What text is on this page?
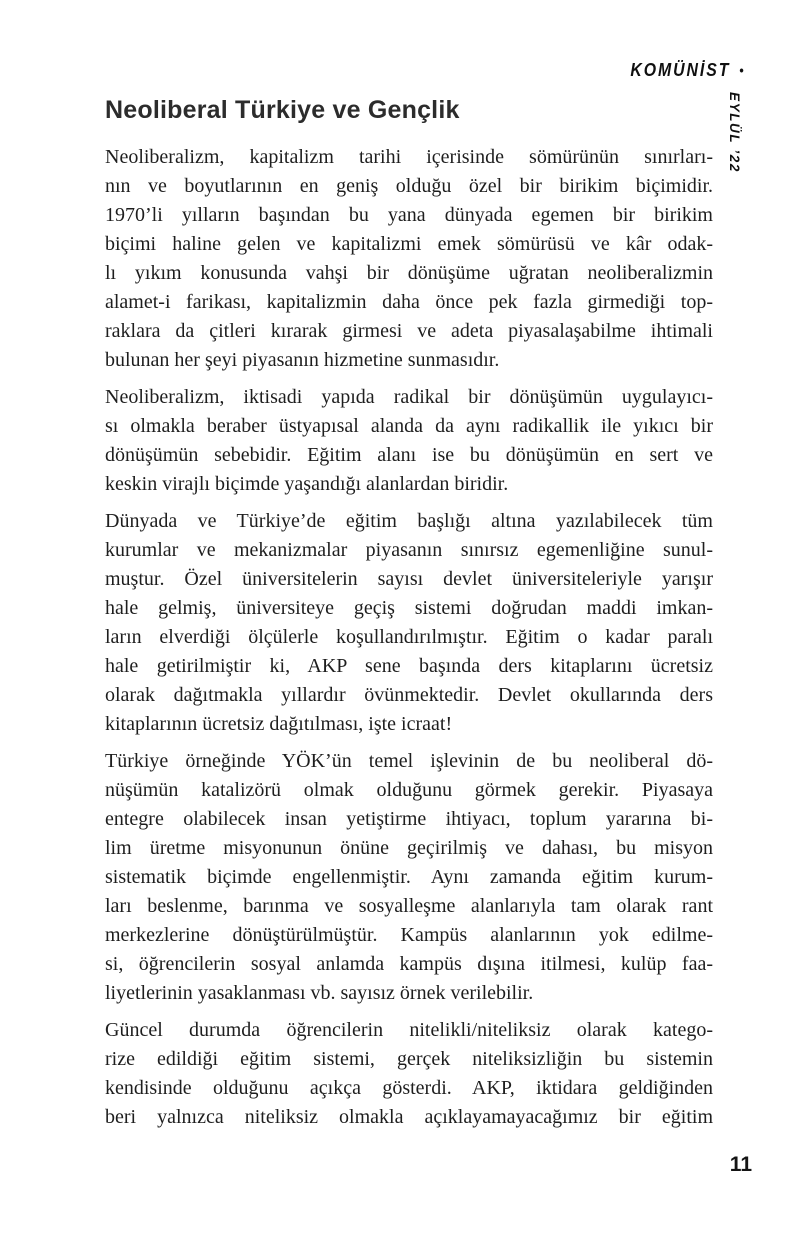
KOMÜNİST •
EYLÜL ’22
Neoliberal Türkiye ve Gençlik

Neoliberalizm, kapitalizm tarihi içerisinde sömürünün sınırları-
nın ve boyutlarının en geniş olduğu özel bir birikim biçimidir.
1970’li yılların başından bu yana dünyada egemen bir birikim
biçimi haline gelen ve kapitalizmi emek sömürüsü ve kâr odak-
lı yıkım konusunda vahşi bir dönüşüme uğratan neoliberalizmin
alamet-i farikası, kapitalizmin daha önce pek fazla girmediği top-
raklara da çitleri kırarak girmesi ve adeta piyasalaşabilme ihtimali
bulunan her şeyi piyasanın hizmetine sunmasıdır.

Neoliberalizm, iktisadi yapıda radikal bir dönüşümün uygulayıcı-
sı olmakla beraber üstyapısal alanda da aynı radikallik ile yıkıcı bir
dönüşümün sebebidir. Eğitim alanı ise bu dönüşümün en sert ve
keskin virajlı biçimde yaşandığı alanlardan biridir.

Dünyada ve Türkiye’de eğitim başlığı altına yazılabilecek tüm
kurumlar ve mekanizmalar piyasanın sınırsız egemenliğine sunul-
muştur. Özel üniversitelerin sayısı devlet üniversiteleriyle yarışır
hale gelmiş, üniversiteye geçiş sistemi doğrudan maddi imkan-
ların elverdiği ölçülerle koşullandırılmıştır. Eğitim o kadar paralı
hale getirilmiştir ki, AKP sene başında ders kitaplarını ücretsiz
olarak dağıtmakla yıllardır övünmektedir. Devlet okullarında ders
kitaplarının ücretsiz dağıtılması, işte icraat!

Türkiye örneğinde YÖK’ün temel işlevinin de bu neoliberal dö-
nüşümün katalizörü olmak olduğunu görmek gerekir. Piyasaya
entegre olabilecek insan yetiştirme ihtiyacı, toplum yararına bi-
lim üretme misyonunun önüne geçirilmiş ve dahası, bu misyon
sistematik biçimde engellenmiştir. Aynı zamanda eğitim kurum-
ları beslenme, barınma ve sosyalleşme alanlarıyla tam olarak rant
merkezlerine dönüştürülmüştür. Kampüs alanlarının yok edilme-
si, öğrencilerin sosyal anlamda kampüs dışına itilmesi, kulüp faa-
liyetlerinin yasaklanması vb. sayısız örnek verilebilir.

Güncel durumda öğrencilerin nitelikli/niteliksiz olarak katego-
rize edildiği eğitim sistemi, gerçek niteliksizliğin bu sistemin
kendisinde olduğunu açıkça gösterdi. AKP, iktidara geldiğinden
beri yalnızca niteliksiz olmakla açıklayamayacağımız bir eğitim

11
